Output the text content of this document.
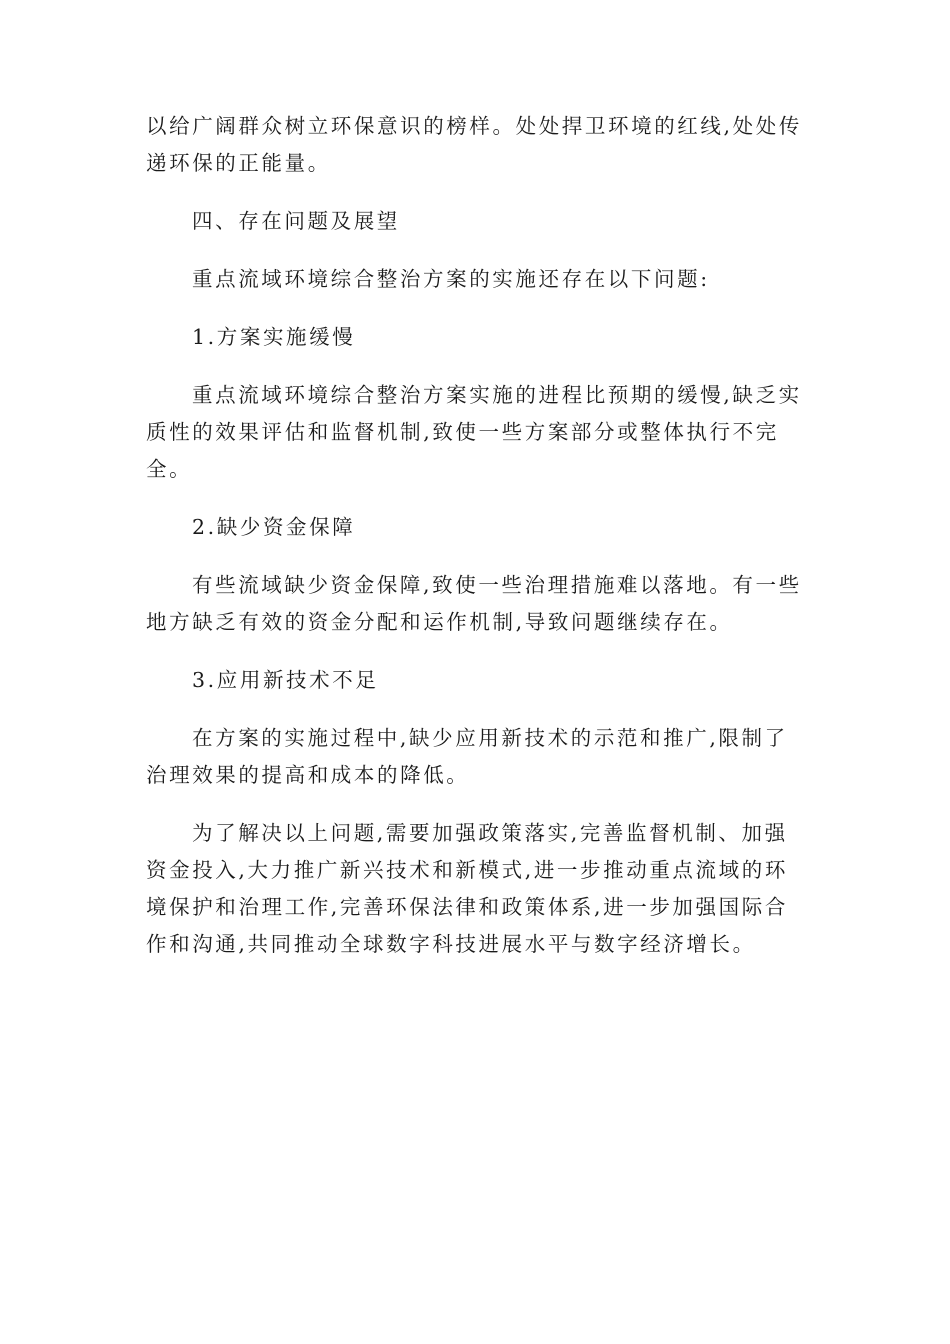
以给广阔群众树立环保意识的榜样。处处捍卫环境的红线,处处传递环保的正能量。

四、存在问题及展望

重点流域环境综合整治方案的实施还存在以下问题:

1.方案实施缓慢

重点流域环境综合整治方案实施的进程比预期的缓慢,缺乏实质性的效果评估和监督机制,致使一些方案部分或整体执行不完全。

2.缺少资金保障

有些流域缺少资金保障,致使一些治理措施难以落地。有一些地方缺乏有效的资金分配和运作机制,导致问题继续存在。

3.应用新技术不足

在方案的实施过程中,缺少应用新技术的示范和推广,限制了治理效果的提高和成本的降低。

为了解决以上问题,需要加强政策落实,完善监督机制、加强资金投入,大力推广新兴技术和新模式,进一步推动重点流域的环境保护和治理工作,完善环保法律和政策体系,进一步加强国际合作和沟通,共同推动全球数字科技进展水平与数字经济增长。
